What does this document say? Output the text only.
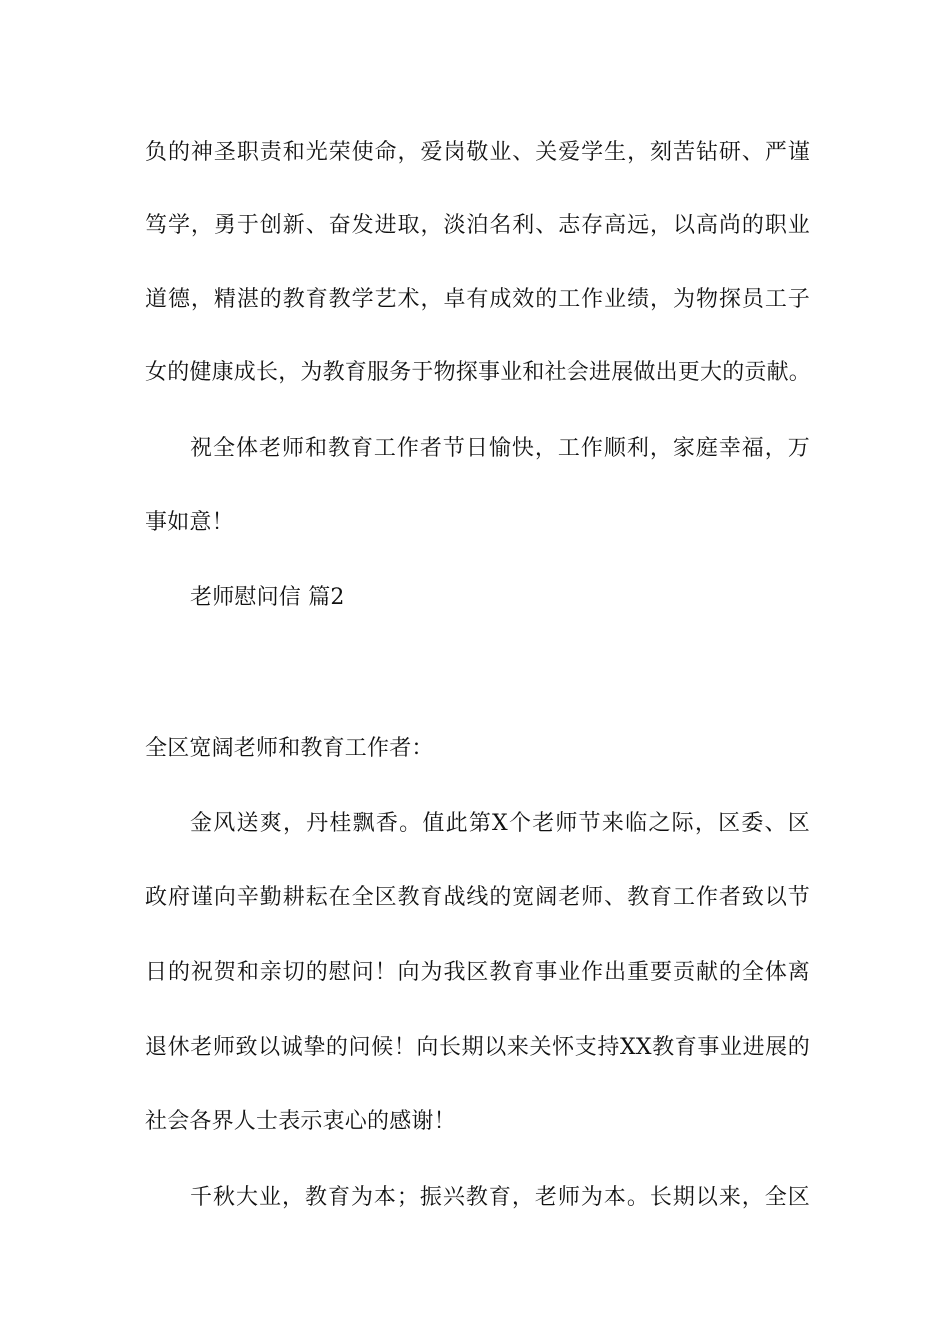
负的神圣职责和光荣使命，爱岗敬业、关爱学生，刻苦钻研、严谨
笃学，勇于创新、奋发进取，淡泊名利、志存高远，以高尚的职业
道德，精湛的教育教学艺术，卓有成效的工作业绩，为物探员工子
女的健康成长，为教育服务于物探事业和社会进展做出更大的贡献。
祝全体老师和教育工作者节日愉快，工作顺利，家庭幸福，万
事如意！
老师慰问信 篇2
全区宽阔老师和教育工作者：
金风送爽，丹桂飘香。值此第X个老师节来临之际，区委、区
政府谨向辛勤耕耘在全区教育战线的宽阔老师、教育工作者致以节
日的祝贺和亲切的慰问！向为我区教育事业作出重要贡献的全体离
退休老师致以诚挚的问候！向长期以来关怀支持XX教育事业进展的
社会各界人士表示衷心的感谢！
千秋大业，教育为本；振兴教育，老师为本。长期以来，全区
